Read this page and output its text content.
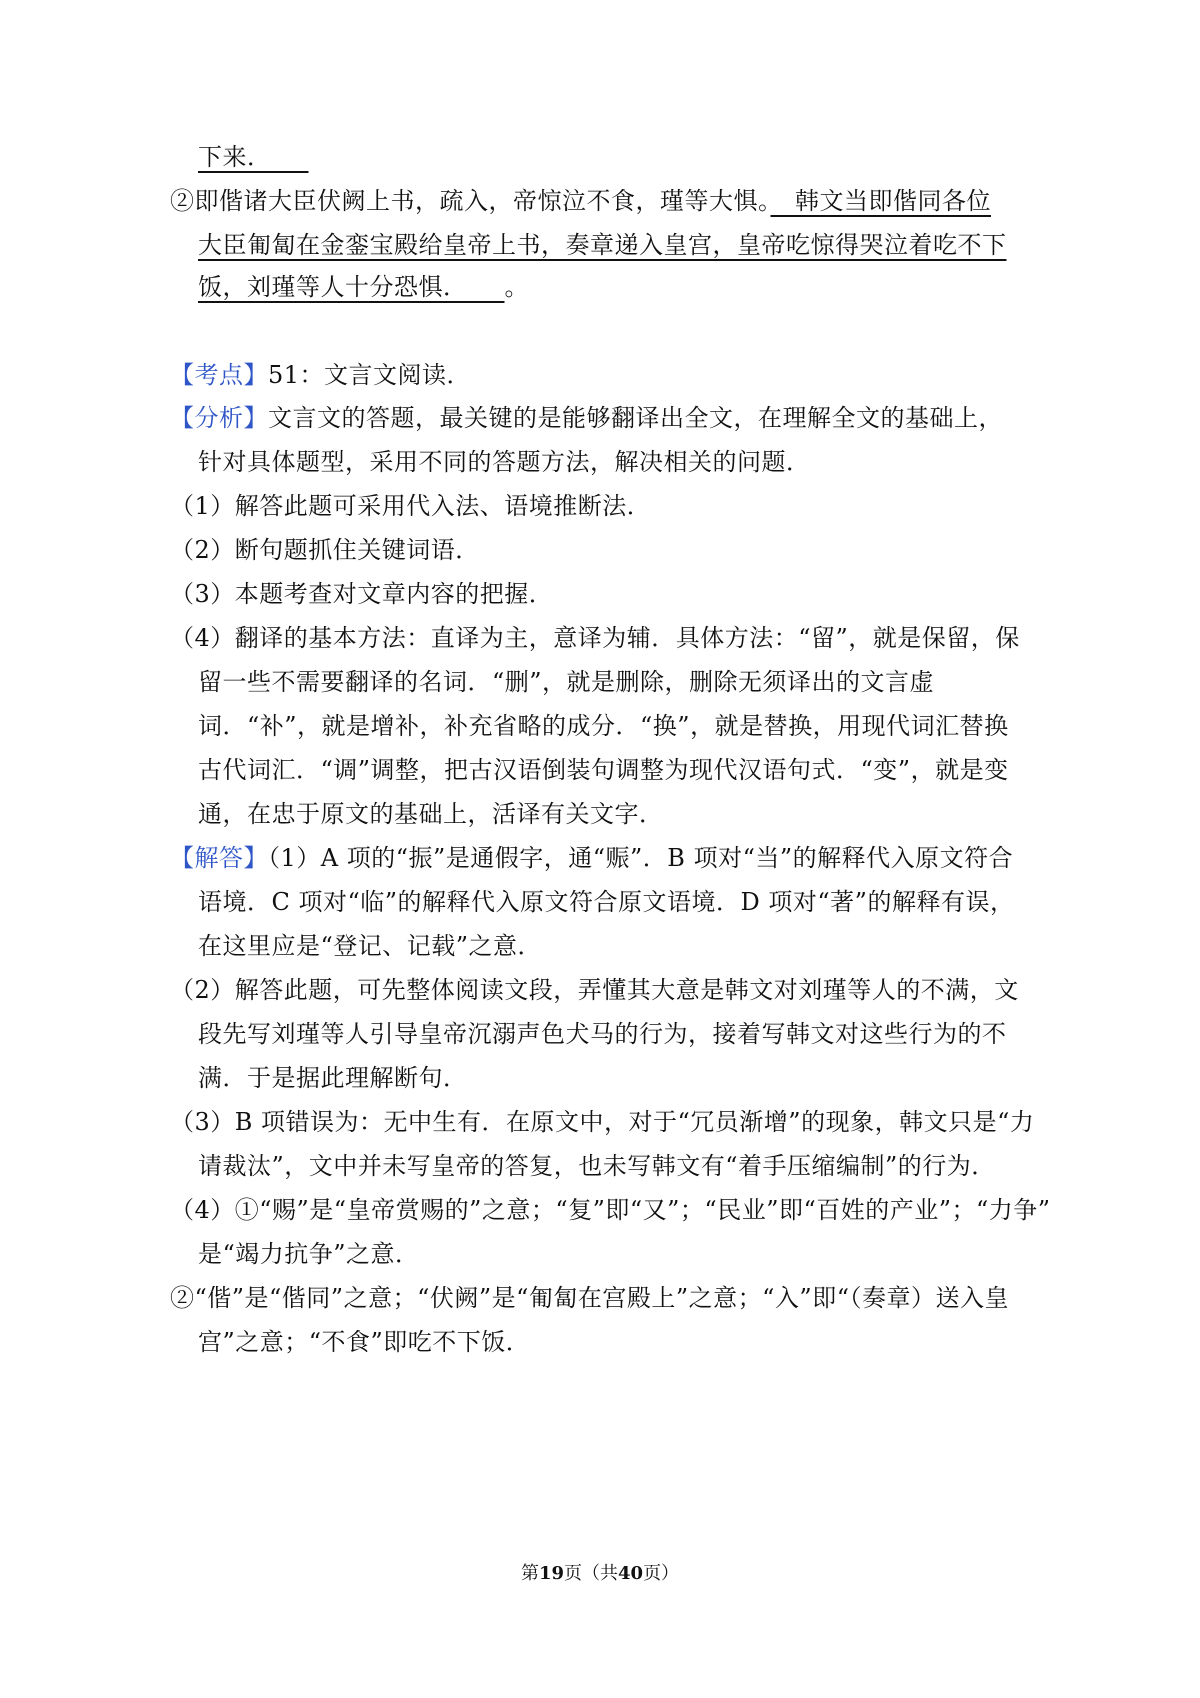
下来．　　
②即偕诸大臣伏阙上书，疏入，帝惊泣不食，瑾等大惧。　韩文当即偕同各位
大臣匍匐在金銮宝殿给皇帝上书，奏章递入皇宫，皇帝吃惊得哭泣着吃不下
饭，刘瑾等人十分恐惧．　　 。
【考点】51：文言文阅读．
【分析】文言文的答题，最关键的是能够翻译出全文，在理解全文的基础上，
针对具体题型，采用不同的答题方法，解决相关的问题．
（1）解答此题可采用代入法、语境推断法．
（2）断句题抓住关键词语．
（3）本题考查对文章内容的把握．
（4）翻译的基本方法：直译为主，意译为辅．具体方法：“留”，就是保留，保
留一些不需要翻译的名词．“删”，就是删除，删除无须译出的文言虚
词．“补”，就是增补，补充省略的成分．“换”，就是替换，用现代词汇替换
古代词汇．“调”调整，把古汉语倒装句调整为现代汉语句式．“变”，就是变
通，在忠于原文的基础上，活译有关文字．
【解答】（1）A 项的“振”是通假字，通“赈”．B 项对“当”的解释代入原文符合
语境．C 项对“临”的解释代入原文符合原文语境．D 项对“著”的解释有误，
在这里应是“登记、记载”之意．
（2）解答此题，可先整体阅读文段，弄懂其大意是韩文对刘瑾等人的不满，文
段先写刘瑾等人引导皇帝沉溺声色犬马的行为，接着写韩文对这些行为的不
满．于是据此理解断句．
（3）B 项错误为：无中生有．在原文中，对于“冗员渐增”的现象，韩文只是“力
请裁汰”，文中并未写皇帝的答复，也未写韩文有“着手压缩编制”的行为．
（4）①“赐”是“皇帝赏赐的”之意；“复”即“又”；“民业”即“百姓的产业”；“力争”
是“竭力抗争”之意．
②“偕”是“偕同”之意；“伏阙”是“匍匐在宫殿上”之意；“入”即“（奏章）送入皇
宫”之意；“不食”即吃不下饭．
第19页（共40页）
